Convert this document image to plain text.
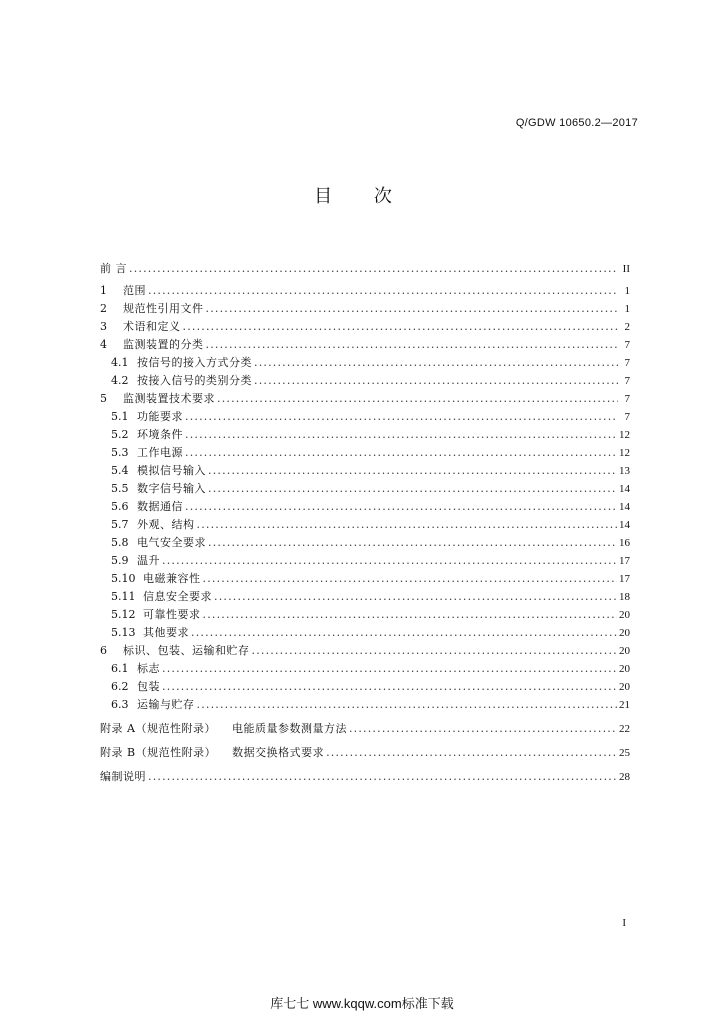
Q/GDW 10650.2—2017
目 次
前 言 .....	II
1	范围 .....	1
2	规范性引用文件 .....	1
3	术语和定义 .....	2
4	监测装置的分类 .....	7
4.1 按信号的接入方式分类 .....	7
4.2 按接入信号的类别分类 .....	7
5	监测装置技术要求 .....	7
5.1 功能要求 .....	7
5.2 环境条件 .....	12
5.3 工作电源 .....	12
5.4 模拟信号输入 .....	13
5.5 数字信号输入 .....	14
5.6 数据通信 .....	14
5.7 外观、结构 .....	14
5.8 电气安全要求 .....	16
5.9 温升 .....	17
5.10 电磁兼容性 .....	17
5.11 信息安全要求 .....	18
5.12 可靠性要求 .....	20
5.13 其他要求 .....	20
6	标识、包装、运输和贮存 .....	20
6.1 标志 .....	20
6.2 包装 .....	20
6.3 运输与贮存 .....	21
附录 A（规范性附录） 电能质量参数测量方法 .....	22
附录 B（规范性附录） 数据交换格式要求 .....	25
编制说明 .....	28
I
库七七 www.kqqw.com标准下载
